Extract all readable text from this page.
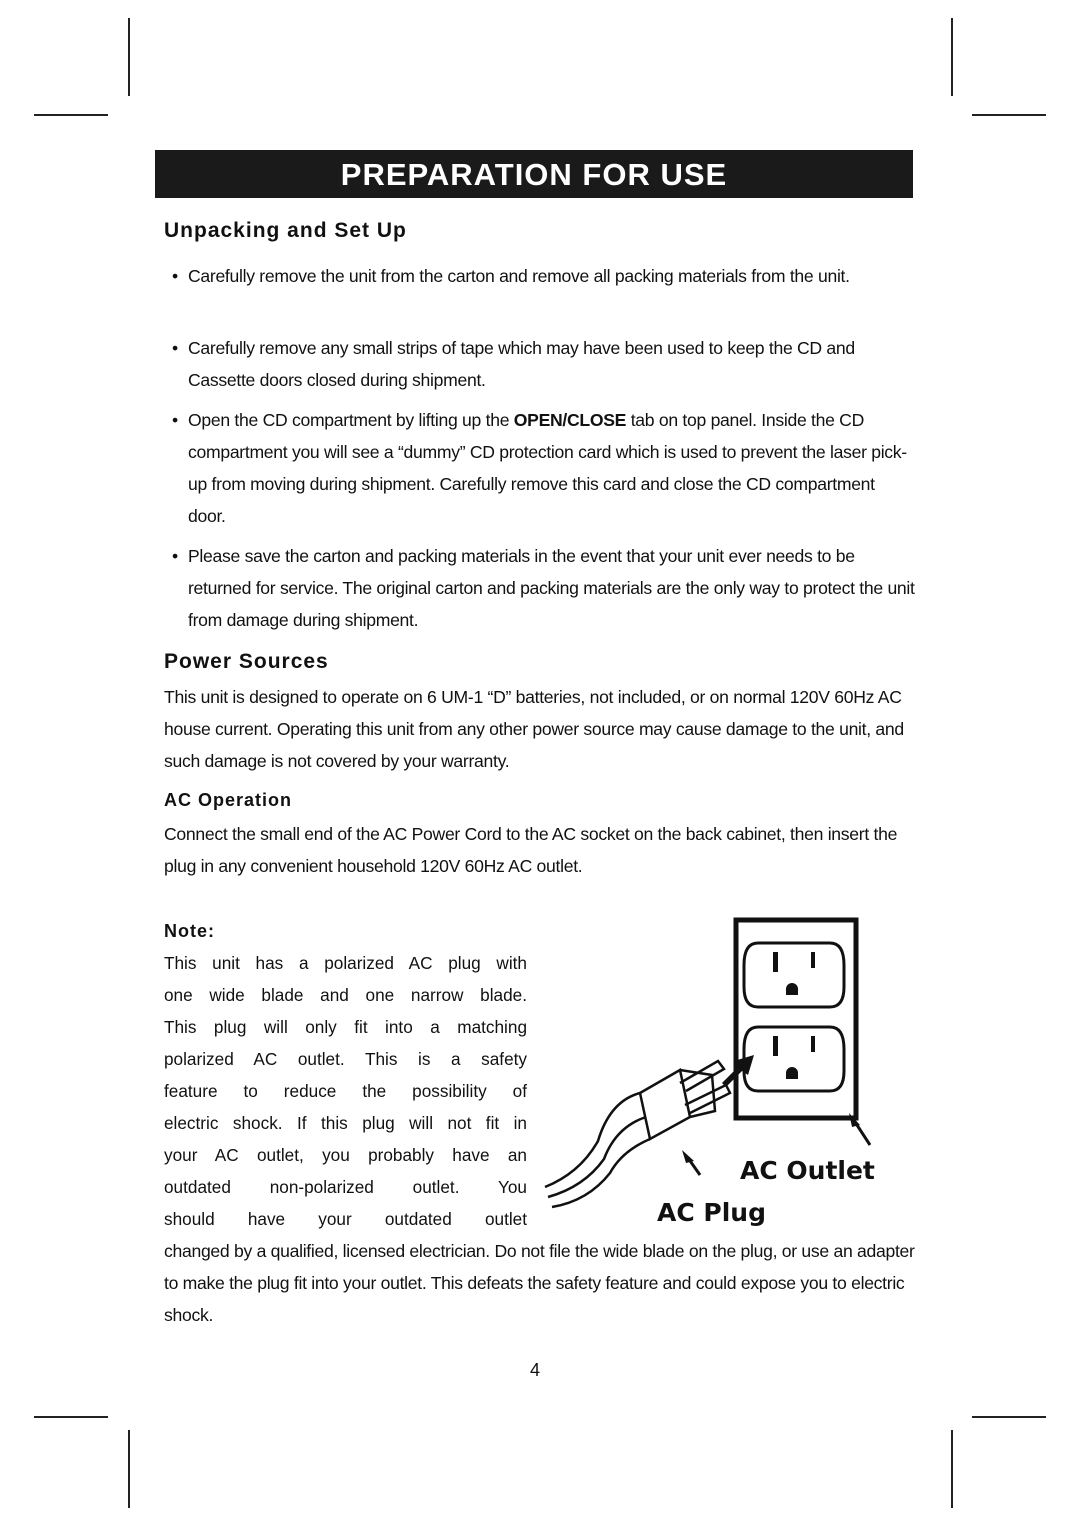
PREPARATION FOR USE
Unpacking and Set Up
• Carefully remove the unit from the carton and remove all packing materials from the unit.
• Carefully remove any small strips of tape which may have been used to keep the CD and Cassette doors closed during shipment.
• Open the CD compartment by lifting up the OPEN/CLOSE tab on top panel. Inside the CD compartment you will see a “dummy” CD protection card which is used to prevent the laser pick-up from moving during shipment. Carefully remove this card and close the CD compartment door.
• Please save the carton and packing materials in the event that your unit ever needs to be returned for service. The original carton and packing materials are the only way to protect the unit from damage during shipment.
Power Sources
This unit is designed to operate on 6 UM-1 “D” batteries, not included, or on normal 120V 60Hz AC house current. Operating this unit from any other power source may cause damage to the unit, and such damage is not covered by your warranty.
AC Operation
Connect the small end of the AC Power Cord to the AC socket on the back cabinet, then insert the plug in any convenient household 120V 60Hz AC outlet.
Note:
This unit has a polarized AC plug with
one wide blade and one narrow blade.
This plug will only fit into a matching
polarized AC outlet. This is a safety
feature to reduce the possibility of
electric shock. If this plug will not fit in
your AC outlet, you probably have an
outdated non-polarized outlet. You
should have your outdated outlet
changed by a qualified, licensed electrician. Do not file the wide blade on the plug, or use an adapter to make the plug fit into your outlet. This defeats the safety feature and could expose you to electric shock.
AC Outlet
AC Plug
4
